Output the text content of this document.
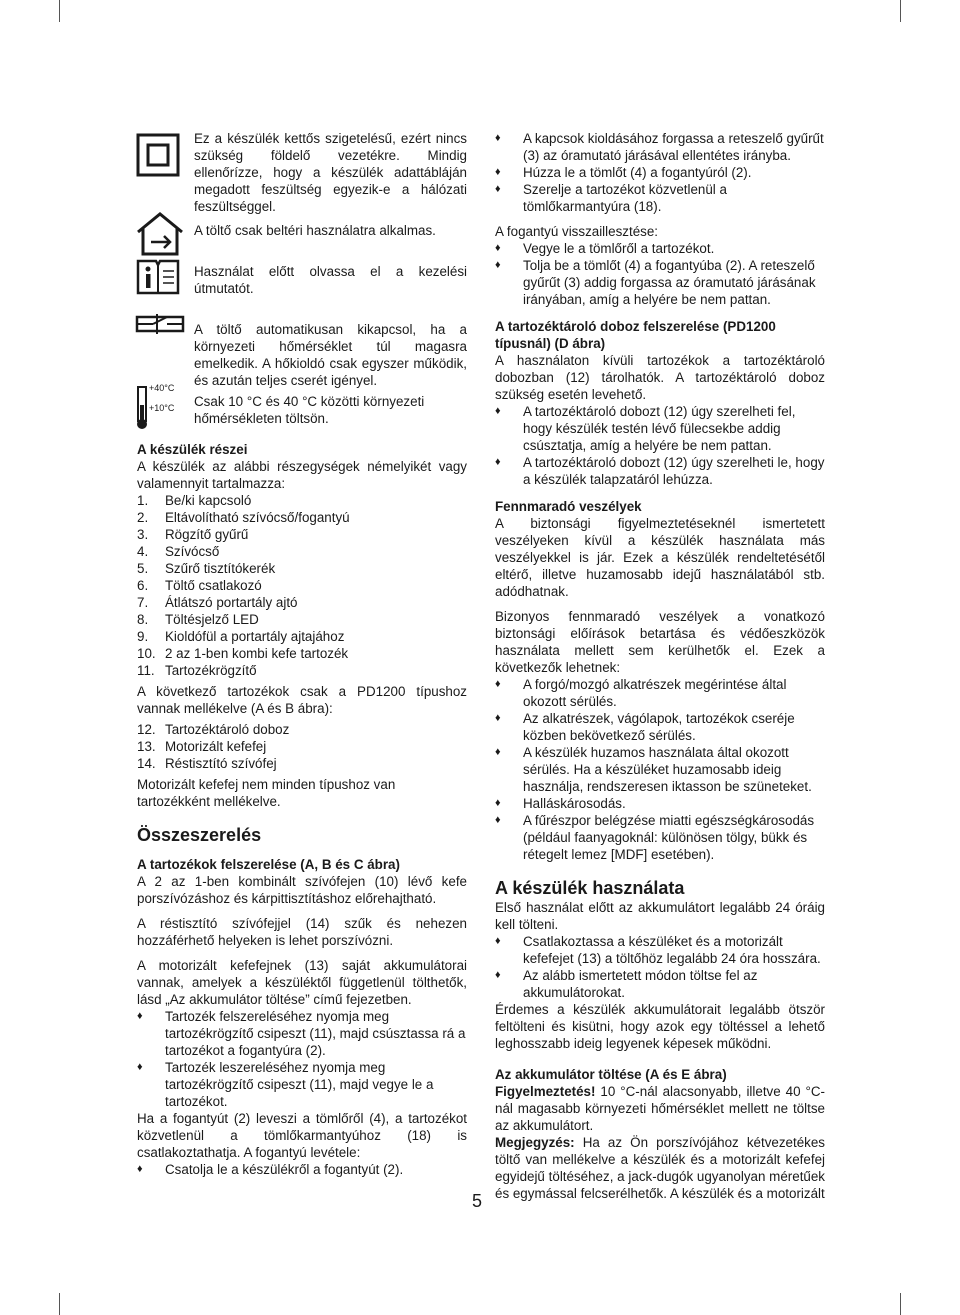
Ez a készülék kettős szigetelésű, ezért nincs szükség földelő vezetékre. Mindig ellenőrízze, hogy a készülék adattábláján megadott feszültség egyezik-e a hálózati feszültséggel.

A töltő csak beltéri használatra alkalmas.

Használat előtt olvassa el a kezelési útmutatót.

A töltő automatikusan kikapcsol, ha a környezeti hőmérséklet túl magasra emelkedik. A hőkioldó csak egyszer működik, és azután teljes cserét igényel.

+40°C
+10°C Csak 10 °C és 40 °C közötti környezeti hőmérsékleten töltsön.

A készülék részei

A készülék az alábbi részegységek némelyikét vagy valamennyit tartalmazza:

1. Be/ki kapcsoló
2. Eltávolítható szívócső/fogantyú
3. Rögzítő gyűrű
4. Szívócső
5. Szűrő tisztítókerék
6. Töltő csatlakozó
7. Átlátszó portartály ajtó
8. Töltésjelző LED
9. Kioldófül a portartály ajtajához
10. 2 az 1-ben kombi kefe tartozék
11. Tartozékrögzítő

A következő tartozékok csak a PD1200 típushoz vannak mellékelve (A és B ábra):

12. Tartozéktároló doboz
13. Motorizált kefefej
14. Réstisztító szívófej

Motorizált kefefej nem minden típushoz van tartozékként mellékelve.

Összeszerelés

A tartozékok felszerelése (A, B és C ábra)

A 2 az 1-ben kombinált szívófejen (10) lévő kefe porszívózáshoz és kárpittisztításhoz előrehajtható.

A réstisztító szívófejjel (14) szűk és nehezen hozzáférhető helyeken is lehet porszívózni.

A motorizált kefefejnek (13) saját akkumulátorai vannak, amelyek a készüléktől függetlenül tölthetők, lásd „Az akkumulátor töltése” című fejezetben.

♦ Tartozék felszereléséhez nyomja meg tartozékrögzítő csipeszt (11), majd csúsztassa rá a tartozékot a fogantyúra (2).
♦ Tartozék leszereléséhez nyomja meg tartozékrögzítő csipeszt (11), majd vegye le a tartozékot.

Ha a fogantyút (2) leveszi a tömlőről (4), a tartozékot közvetlenül a tömlőkarmantyúhoz (18) is csatlakoztathatja. A fogantyú levétele:

♦ Csatolja le a készülékről a fogantyút (2).
♦ A kapcsok kioldásához forgassa a reteszelő gyűrűt (3) az óramutató járásával ellentétes irányba.
♦ Húzza le a tömlőt (4) a fogantyúról (2).
♦ Szerelje a tartozékot közvetlenül a tömlőkarmantyúra (18).

A fogantyú visszaillesztése:

♦ Vegye le a tömlőről a tartozékot.
♦ Tolja be a tömlőt (4) a fogantyúba (2). A reteszelő gyűrűt (3) addig forgassa az óramutató járásának irányában, amíg a helyére be nem pattan.

A tartozéktároló doboz felszerelése (PD1200 típusnál) (D ábra)

A használaton kívüli tartozékok a tartozéktároló dobozban (12) tárolhatók. A tartozéktároló doboz szükség esetén levehető.

♦ A tartozéktároló dobozt (12) úgy szerelheti fel, hogy készülék testén lévő fülecsekbe addig csúsztatja, amíg a helyére be nem pattan.
♦ A tartozéktároló dobozt (12) úgy szerelheti le, hogy a készülék talapzatáról lehúzza.

Fennmaradó veszélyek

A biztonsági figyelmeztetéseknél ismertetett veszélyeken kívül a készülék használata más veszélyekkel is jár. Ezek a készülék rendeltetésétől eltérő, illetve huzamosabb idejű használatából stb. adódhatnak.

Bizonyos fennmaradó veszélyek a vonatkozó biztonsági előírások betartása és védőeszközök használata mellett sem kerülhetők el. Ezek a következők lehetnek:

♦ A forgó/mozgó alkatrészek megérintése által okozott sérülés.
♦ Az alkatrészek, vágólapok, tartozékok cseréje közben bekövetkező sérülés.
♦ A készülék huzamos használata által okozott sérülés. Ha a készüléket huzamosabb ideig használja, rendszeresen iktasson be szüneteket.
♦ Halláskárosodás.
♦ A fűrészpor belégzése miatti egészségkárosodás (például faanyagoknál: különösen tölgy, bükk és rétegelt lemez [MDF] esetében).

A készülék használata

Első használat előtt az akkumulátort legalább 24 óráig kell tölteni.

♦ Csatlakoztassa a készüléket és a motorizált kefefejet (13) a töltőhöz legalább 24 óra hosszára.
♦ Az alább ismertetett módon töltse fel az akkumulátorokat.

Érdemes a készülék akkumulátorait legalább ötször feltölteni és kisütni, hogy azok egy töltéssel a lehető leghosszabb ideig legyenek képesek működni.

Az akkumulátor töltése (A és E ábra)

Figyelmeztetés! 10 °C-nál alacsonyabb, illetve 40 °C-nál magasabb környezeti hőmérséklet mellett ne töltse az akkumulátort.

Megjegyzés: Ha az Ön porszívójához kétvezetékes töltő van mellékelve a készülék és a motorizált kefefej egyidejű töltéséhez, a jack-dugók ugyanolyan méretűek és egymással felcserélhetők. A készülék és a motorizált

5
